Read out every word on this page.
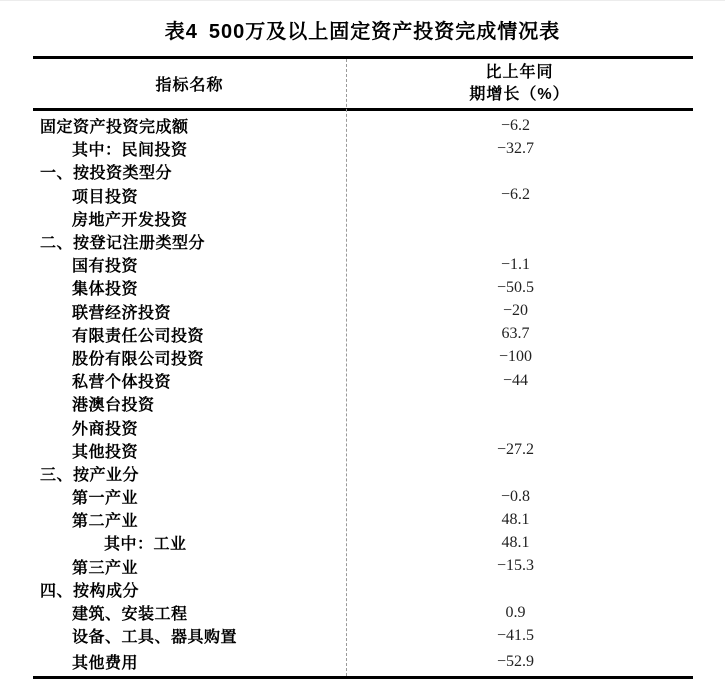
表4 500万及以上固定资产投资完成情况表
指标名称
比上年同
期增长（%）
固定资产投资完成额	−6.2
其中：民间投资	−32.7
一、按投资类型分
项目投资	−6.2
房地产开发投资
二、按登记注册类型分
国有投资	−1.1
集体投资	−50.5
联营经济投资	−20
有限责任公司投资	63.7
股份有限公司投资	−100
私营个体投资	−44
港澳台投资
外商投资
其他投资	−27.2
三、按产业分
第一产业	−0.8
第二产业	48.1
其中：工业	48.1
第三产业	−15.3
四、按构成分
建筑、安装工程	0.9
设备、工具、器具购置	−41.5
其他费用	−52.9
